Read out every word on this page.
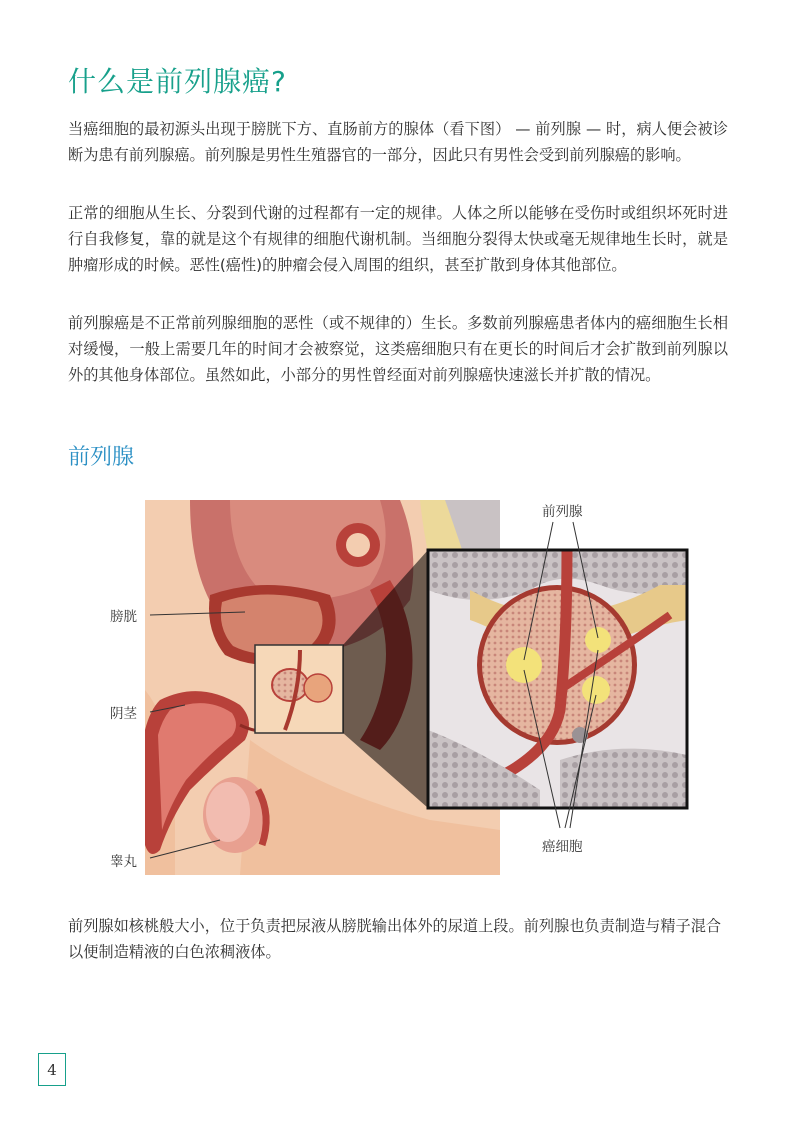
什么是前列腺癌?

当癌细胞的最初源头出现于膀胱下方、直肠前方的腺体（看下图） — 前列腺 — 时，病人便会被诊断为患有前列腺癌。前列腺是男性生殖器官的一部分，因此只有男性会受到前列腺癌的影响。

正常的细胞从生长、分裂到代谢的过程都有一定的规律。人体之所以能够在受伤时或组织坏死时进行自我修复，靠的就是这个有规律的细胞代谢机制。当细胞分裂得太快或毫无规律地生长时，就是肿瘤形成的时候。恶性(癌性)的肿瘤会侵入周围的组织，甚至扩散到身体其他部位。

前列腺癌是不正常前列腺细胞的恶性（或不规律的）生长。多数前列腺癌患者体内的癌细胞生长相对缓慢，一般上需要几年的时间才会被察觉，这类癌细胞只有在更长的时间后才会扩散到前列腺以外的其他身体部位。虽然如此，小部分的男性曾经面对前列腺癌快速滋长并扩散的情况。

前列腺
膀胱
阴茎
睾丸
前列腺
癌细胞

前列腺如核桃般大小，位于负责把尿液从膀胱输出体外的尿道上段。前列腺也负责制造与精子混合以便制造精液的白色浓稠液体。

4
